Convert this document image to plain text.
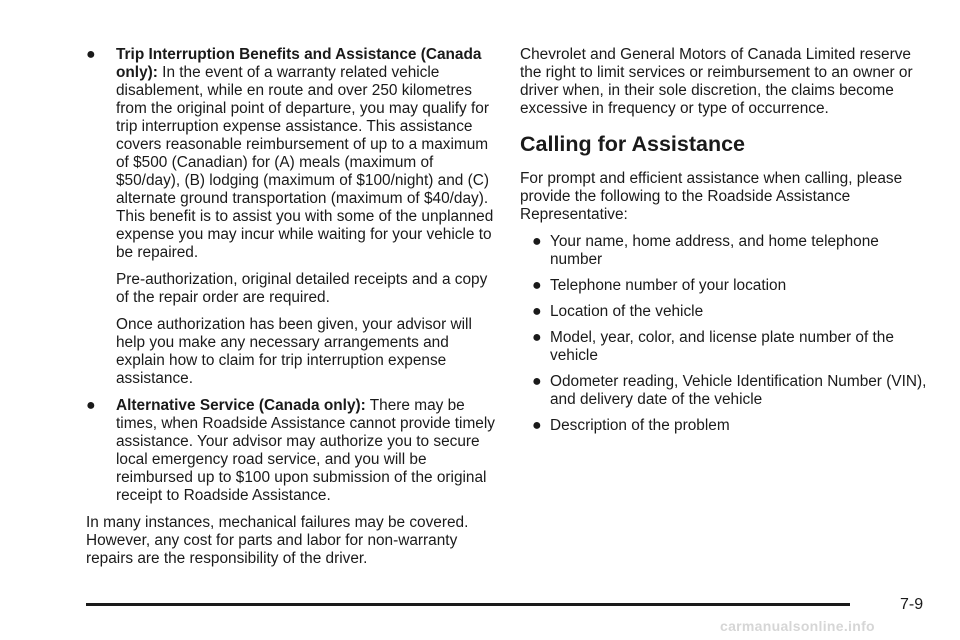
● Trip Interruption Benefits and Assistance (Canada only): In the event of a warranty related vehicle disablement, while en route and over 250 kilometres from the original point of departure, you may qualify for trip interruption expense assistance. This assistance covers reasonable reimbursement of up to a maximum of $500 (Canadian) for (A) meals (maximum of $50/day), (B) lodging (maximum of $100/night) and (C) alternate ground transportation (maximum of $40/day). This benefit is to assist you with some of the unplanned expense you may incur while waiting for your vehicle to be repaired.
Pre-authorization, original detailed receipts and a copy of the repair order are required.
Once authorization has been given, your advisor will help you make any necessary arrangements and explain how to claim for trip interruption expense assistance.
● Alternative Service (Canada only): There may be times, when Roadside Assistance cannot provide timely assistance. Your advisor may authorize you to secure local emergency road service, and you will be reimbursed up to $100 upon submission of the original receipt to Roadside Assistance.
In many instances, mechanical failures may be covered. However, any cost for parts and labor for non-warranty repairs are the responsibility of the driver.
Chevrolet and General Motors of Canada Limited reserve the right to limit services or reimbursement to an owner or driver when, in their sole discretion, the claims become excessive in frequency or type of occurrence.
Calling for Assistance
For prompt and efficient assistance when calling, please provide the following to the Roadside Assistance Representative:
● Your name, home address, and home telephone number
● Telephone number of your location
● Location of the vehicle
● Model, year, color, and license plate number of the vehicle
● Odometer reading, Vehicle Identification Number (VIN), and delivery date of the vehicle
● Description of the problem
7-9
carmanualsonline.info
